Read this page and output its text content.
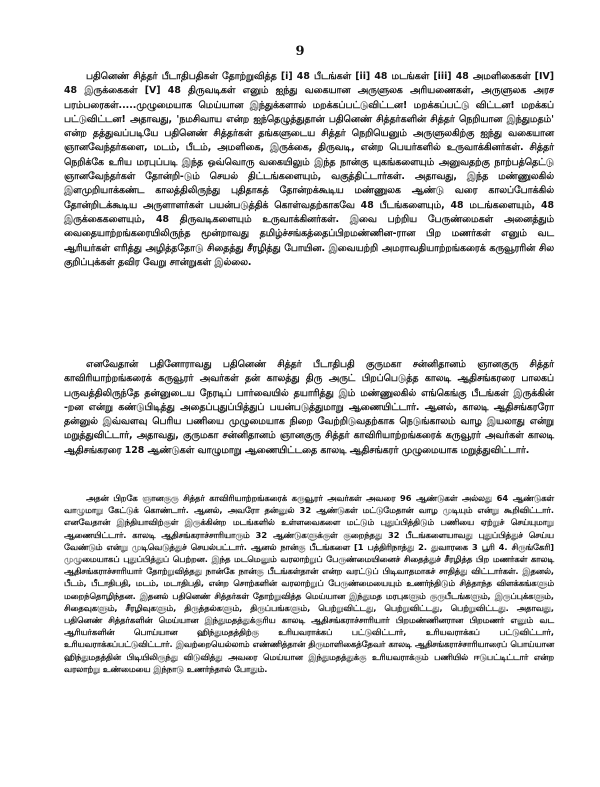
9

பதினெண் சித்தர் பீடாதிபதிகள் தோற்றுவித்த [i] 48 பீடங்கள் [ii] 48 மடங்கள் [iii] 48 அமளிகைகள் [IV] 48 இருக்கைகள் [V] 48 திருவடிகள் எனும் ஐந்து வகையான அருளுலக அரியணைகள், அருளுலக அரச பரம்பரைகள்.....முழுமையாக மெய்யான இந்துக்களால் மறக்கப்பட்டுவிட்டன! மறக்கப்பட்டு விட்டன! மறக்கப் பட்டுவிட்டன! அதாவது, 'நமசிவாய என்ற ஐந்தெழுத்துதான் பதினெண் சித்தர்களின் சித்தர் நெறியான இந்துமதம்' என்ற தத்துவப்படியே பதினெண் சித்தர்கள் தங்களுடைய சித்தர் நெறியெனும் அருளுலகிற்கு ஐந்து வகையான ஞானவேந்தர்களை, மடம், பீடம், அமளிகை, இருக்கை, திருவடி, என்ற பெயர்களில் உருவாக்கினர்கள். சித்தர் நெறிக்கே உரிய மரபுப்படி இந்த ஒவ்வொரு வகையிலும் இந்த நான்கு யுகங்களையும் அனுவதற்கு நாற்பத்தெட்டு ஞானவேந்தர்கள் தோன்றி-டும் செயல் திட்டங்களையும், வகுத்திட்டார்கள். அதாவது, இந்த மண்ணுலகில் இளமுறியாக்கண்ட காலத்திலிருந்து புதிதாகத் தோன்றக்கூடிய மண்ணுலக ஆண்டு வரை காலப்போக்கில் தோன்றிடக்கூடிய அருளாளர்கள் பயன்படுத்திக் கொள்வதற்காகவே 48 பீடங்களையும், 48 மடங்களையும், 48 இருக்கைகளையும், 48 திருவடிகளையும் உருவாக்கினர்கள். இவை பற்றிய பேருண்மைகள் அனைத்தும் வைதையாற்றங்கரையிலிருந்த மூன்றாவது தமிழ்ச்சங்கத்தைப்பிறமண்ணின-ரான பிற மணர்கள் எனும் வட ஆரியர்கள் எரித்து அழித்ததோடு சிதைத்து சீரழித்து போயின. இவையற்றி அமராவதியாற்றங்கரைக் கருவூரரின் சில குறிப்புக்கள் தவிர வேறு சான்றுகள் இல்லை.

எனவேதான் பதினோராவது பதினெண் சித்தர் பீடாதிபதி குருமகா சன்னிதானம் ஞானகுரு சித்தர் காவிரியாற்றங்கரைக் கருவூரர் அவர்கள் தன் காலத்து திரு அருட் பிறப்பெடுத்த காலடி ஆதிசங்கரரை பாலகப் பருவத்திலிருந்தே தன்னுடைய நேரடிப் பார்வையில் தயாரித்து இம் மண்ணுலகில் எங்கெங்கு பீடங்கள் இருக்கின் -றன என்று கண்டுபிடித்து அதைப்புதுப்பித்துப் பயன்படுத்துமாறு ஆணையிட்டார். ஆனல், காலடி ஆதிசங்கரரோ தன்னுல் இவ்வளவு பெரிய பணியை முழுமையாக நிறை வேற்றிடுவதற்காக நெடுங்காலம் வாழ இயலாது என்று மறுத்துவிட்டார், அதாவது, குருமகா சன்னிதானம் ஞானகுரு சித்தர் காவிரியாற்றங்கரைக் கருவூரர் அவர்கள் காலடி ஆதிசங்கரரை 128 ஆண்டுகள் வாழுமாறு ஆணையிட்டதை காலடி ஆதிசங்கரர் முழுமையாக மறுத்துவிட்டார்.

அதன் பிறகே ஞானகுரு சித்தர் காவிரியாற்றங்கரைக் கருவூரர் அவர்கள் அவரை 96 ஆண்டுகள் அல்லது 64 ஆண்டுகள் வாழுமாறு கேட்டுக் கொண்டார். ஆனல், அவரோ தன்னுல் 32 ஆண்டுகள் மட்டுமேதான் வாழ முடியும் என்று கூறிவிட்டார். எனவேதான் இந்தியாவிற்குள் இருக்கின்ற மடங்களில் உள்ளவைகளை மட்டும் புதுப்பித்திடும் பணியை ஏற்றுச் செய்யுமாறு ஆணையிட்டார். காலடி ஆதிசங்கராச்சாரியாரும் 32 ஆண்டுகளுக்குள் குறைந்தது 32 பீடங்களையாவது புதுப்பித்துச் செய்ய வேண்டும் என்று முடிவெடுத்துச் செயல்பட்டார். ஆனல் நான்கு பீடங்களை [1 பத்திரிநாத்து 2. துவாரகை 3 பூரி 4. சிருங்கேரி] முழுமையாகப் புதுப்பித்துப் பெற்றன. இந்த மடமெனும் வரலாற்றுப் பேருண்மையினைச் சிதைத்துச் சீரழித்த பிற மணர்கள் காலடி ஆதிசங்கராச்சாரியார் தோற்றுவித்தது நான்கே நான்கு பீடங்கள்தான் என்ற வரட்டுப் பிடிவாதமாகச் சாதித்து விட்டார்கள். இதனல், பீடம், பீடாதிபதி, மடம், மடாதிபதி, என்ற சொற்களின் வரலாற்றுப் பேருண்மையையும் உணர்ந்திடும் சித்தாந்த விளக்கங்களும் மறைந்தொழிந்தன. இதனல் பதினெண் சித்தர்கள் தோற்றுவித்த மெய்யான இந்துமத மரபுகளும் குருபீடங்களும், இருப்புக்களும், சிதைவுகளும், சீரழிவுகளும், திருத்தல்களும், திருப்பங்களும், பெற்றுவிட்டது, பெற்றுவிட்டது, பெற்றுவிட்டது. அதாவது, பதினெண் சித்தர்களின் மெய்யான இந்துமதத்துக்குரிய காலடி ஆதிசங்கராச்சாரியார் பிறமண்ணினரான பிறமணர் எனும் வட ஆரியர்களின் பொய்யான ஹிந்துமதத்திற்கு உரியவராக்கப் பட்டுவிட்டார், உரியவராக்கப் பட்டுவிட்டார், உரியவராக்கப்பட்டுவிட்டார். இவற்றையெல்லாம் எண்ணித்தான் திருமாளிகைத்தேவர் காலடி ஆதிசங்கராச்சாரியாரைப் பொய்யான ஹிந்துமதத்தின் பிடியிலிருந்து விடுவித்து அவரை மெய்யான இந்துமதத்துக்கு உரியவராக்கும் பணியில் ஈடுபட்டிட்டார் என்ற வரலாற்று உண்மையை இந்நாடு உணர்ந்தால் போதும்.
